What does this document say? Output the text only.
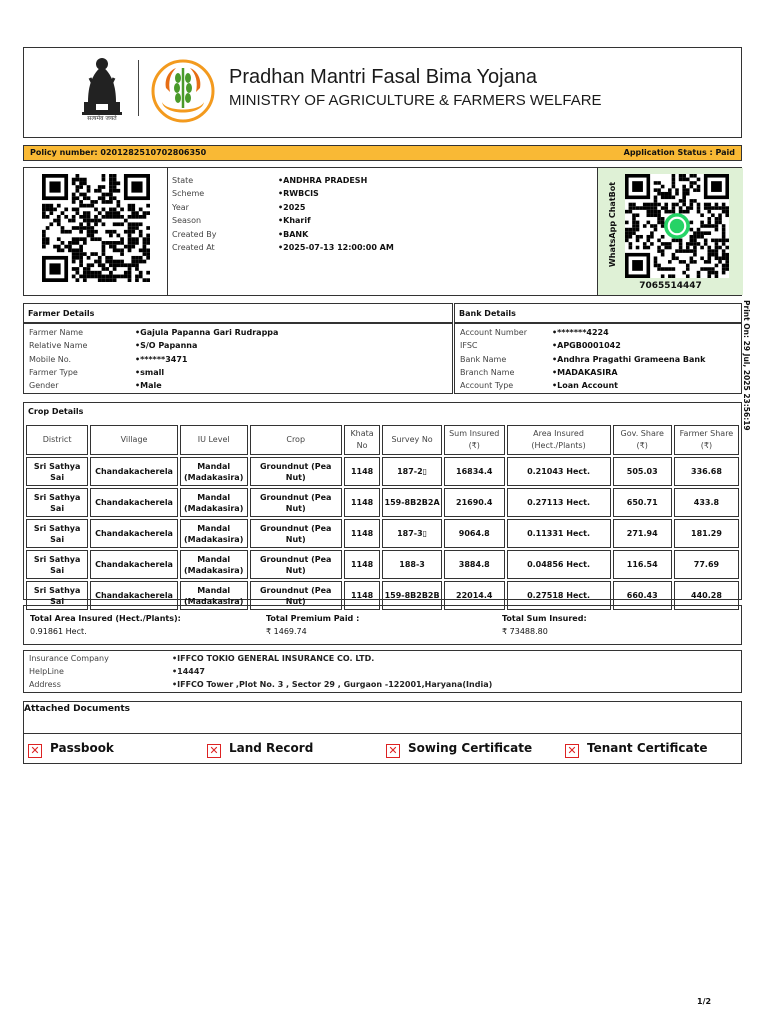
सत्यमेव जयते
Pradhan Mantri Fasal Bima Yojana
MINISTRY OF AGRICULTURE & FARMERS WELFARE
Policy number: 0201282510702806350	Application Status : Paid
State	• ANDHRA PRADESH
Scheme	• RWBCIS
Year	• 2025
Season	• Kharif
Created By	• BANK
Created At	• 2025-07-13 12:00:00 AM	WhatsApp ChatBot
7065514447
Farmer Details	Bank Details
Farmer Name	• Gajula Papanna Gari Rudrappa
Relative Name	• S/O Papanna
Mobile No.	• ******3471
Farmer Type	• small
Gender	• Male
Account Number	• *******4224
IFSC	• APGB0001042
Bank Name	• Andhra Pragathi Grameena Bank
Branch Name	• MADAKASIRA
Account Type	• Loan Account	Print On: 29 Jul, 2025 23:56:19
Crop Details
District	Village	IU Level	Crop	Khata No	Survey No	Sum Insured (₹)	Area Insured (Hect./Plants)	Gov. Share (₹)	Farmer Share (₹)
Sri Sathya Sai	Chandakacherela	Mandal (Madakasira)	Groundnut (Pea Nut)	1148	187-2▯	16834.4	0.21043 Hect.	505.03	336.68
Sri Sathya Sai	Chandakacherela	Mandal (Madakasira)	Groundnut (Pea Nut)	1148	159-8B2B2A	21690.4	0.27113 Hect.	650.71	433.8
Sri Sathya Sai	Chandakacherela	Mandal (Madakasira)	Groundnut (Pea Nut)	1148	187-3▯	9064.8	0.11331 Hect.	271.94	181.29
Sri Sathya Sai	Chandakacherela	Mandal (Madakasira)	Groundnut (Pea Nut)	1148	188-3	3884.8	0.04856 Hect.	116.54	77.69
Sri Sathya Sai	Chandakacherela	Mandal (Madakasira)	Groundnut (Pea Nut)	1148	159-8B2B2B	22014.4	0.27518 Hect.	660.43	440.28
Total Area Insured (Hect./Plants):
0.91861 Hect.
Total Premium Paid :
₹ 1469.74
Total Sum Insured:
₹ 73488.80
Insurance Company	• IFFCO TOKIO GENERAL INSURANCE CO. LTD.
HelpLine	• 14447
Address	• IFFCO Tower ,Plot No. 3 , Sector 29 , Gurgaon -122001,Haryana(India)
Attached Documents
✕ Passbook	✕ Land Record	✕ Sowing Certificate	✕ Tenant Certificate
1/2
